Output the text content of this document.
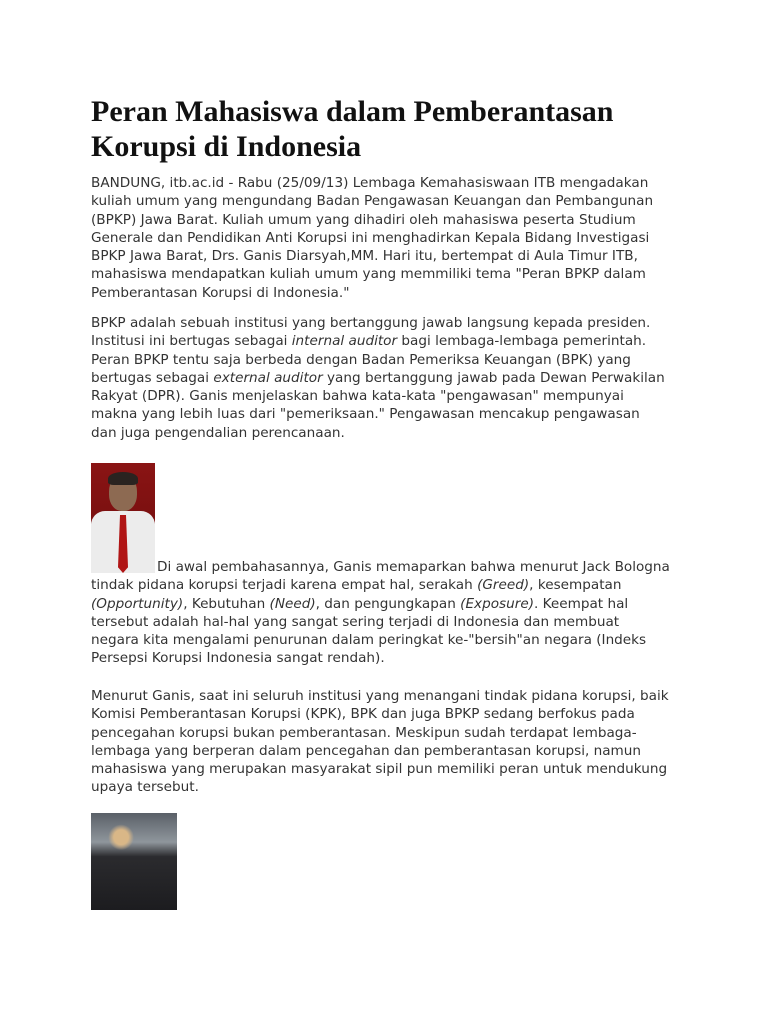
Peran Mahasiswa dalam Pemberantasan
Korupsi di Indonesia
BANDUNG, itb.ac.id - Rabu (25/09/13) Lembaga Kemahasiswaan ITB mengadakan
kuliah umum yang mengundang Badan Pengawasan Keuangan dan Pembangunan
(BPKP) Jawa Barat. Kuliah umum yang dihadiri oleh mahasiswa peserta Studium
Generale dan Pendidikan Anti Korupsi ini menghadirkan Kepala Bidang Investigasi
BPKP Jawa Barat, Drs. Ganis Diarsyah,MM. Hari itu, bertempat di Aula Timur ITB,
mahasiswa mendapatkan kuliah umum yang memmiliki tema "Peran BPKP dalam
Pemberantasan Korupsi di Indonesia."
BPKP adalah sebuah institusi yang bertanggung jawab langsung kepada presiden.
Institusi ini bertugas sebagai internal auditor bagi lembaga-lembaga pemerintah.
Peran BPKP tentu saja berbeda dengan Badan Pemeriksa Keuangan (BPK) yang
bertugas sebagai external auditor yang bertanggung jawab pada Dewan Perwakilan
Rakyat (DPR). Ganis menjelaskan bahwa kata-kata "pengawasan" mempunyai
makna yang lebih luas dari "pemeriksaan." Pengawasan mencakup pengawasan
dan juga pengendalian perencanaan.
Di awal pembahasannya, Ganis memaparkan bahwa menurut Jack Bologna
tindak pidana korupsi terjadi karena empat hal, serakah (Greed), kesempatan
(Opportunity), Kebutuhan (Need), dan pengungkapan (Exposure). Keempat hal
tersebut adalah hal-hal yang sangat sering terjadi di Indonesia dan membuat
negara kita mengalami penurunan dalam peringkat ke-"bersih"an negara (Indeks
Persepsi Korupsi Indonesia sangat rendah).
Menurut Ganis, saat ini seluruh institusi yang menangani tindak pidana korupsi, baik
Komisi Pemberantasan Korupsi (KPK), BPK dan juga BPKP sedang berfokus pada
pencegahan korupsi bukan pemberantasan. Meskipun sudah terdapat lembaga-
lembaga yang berperan dalam pencegahan dan pemberantasan korupsi, namun
mahasiswa yang merupakan masyarakat sipil pun memiliki peran untuk mendukung
upaya tersebut.
